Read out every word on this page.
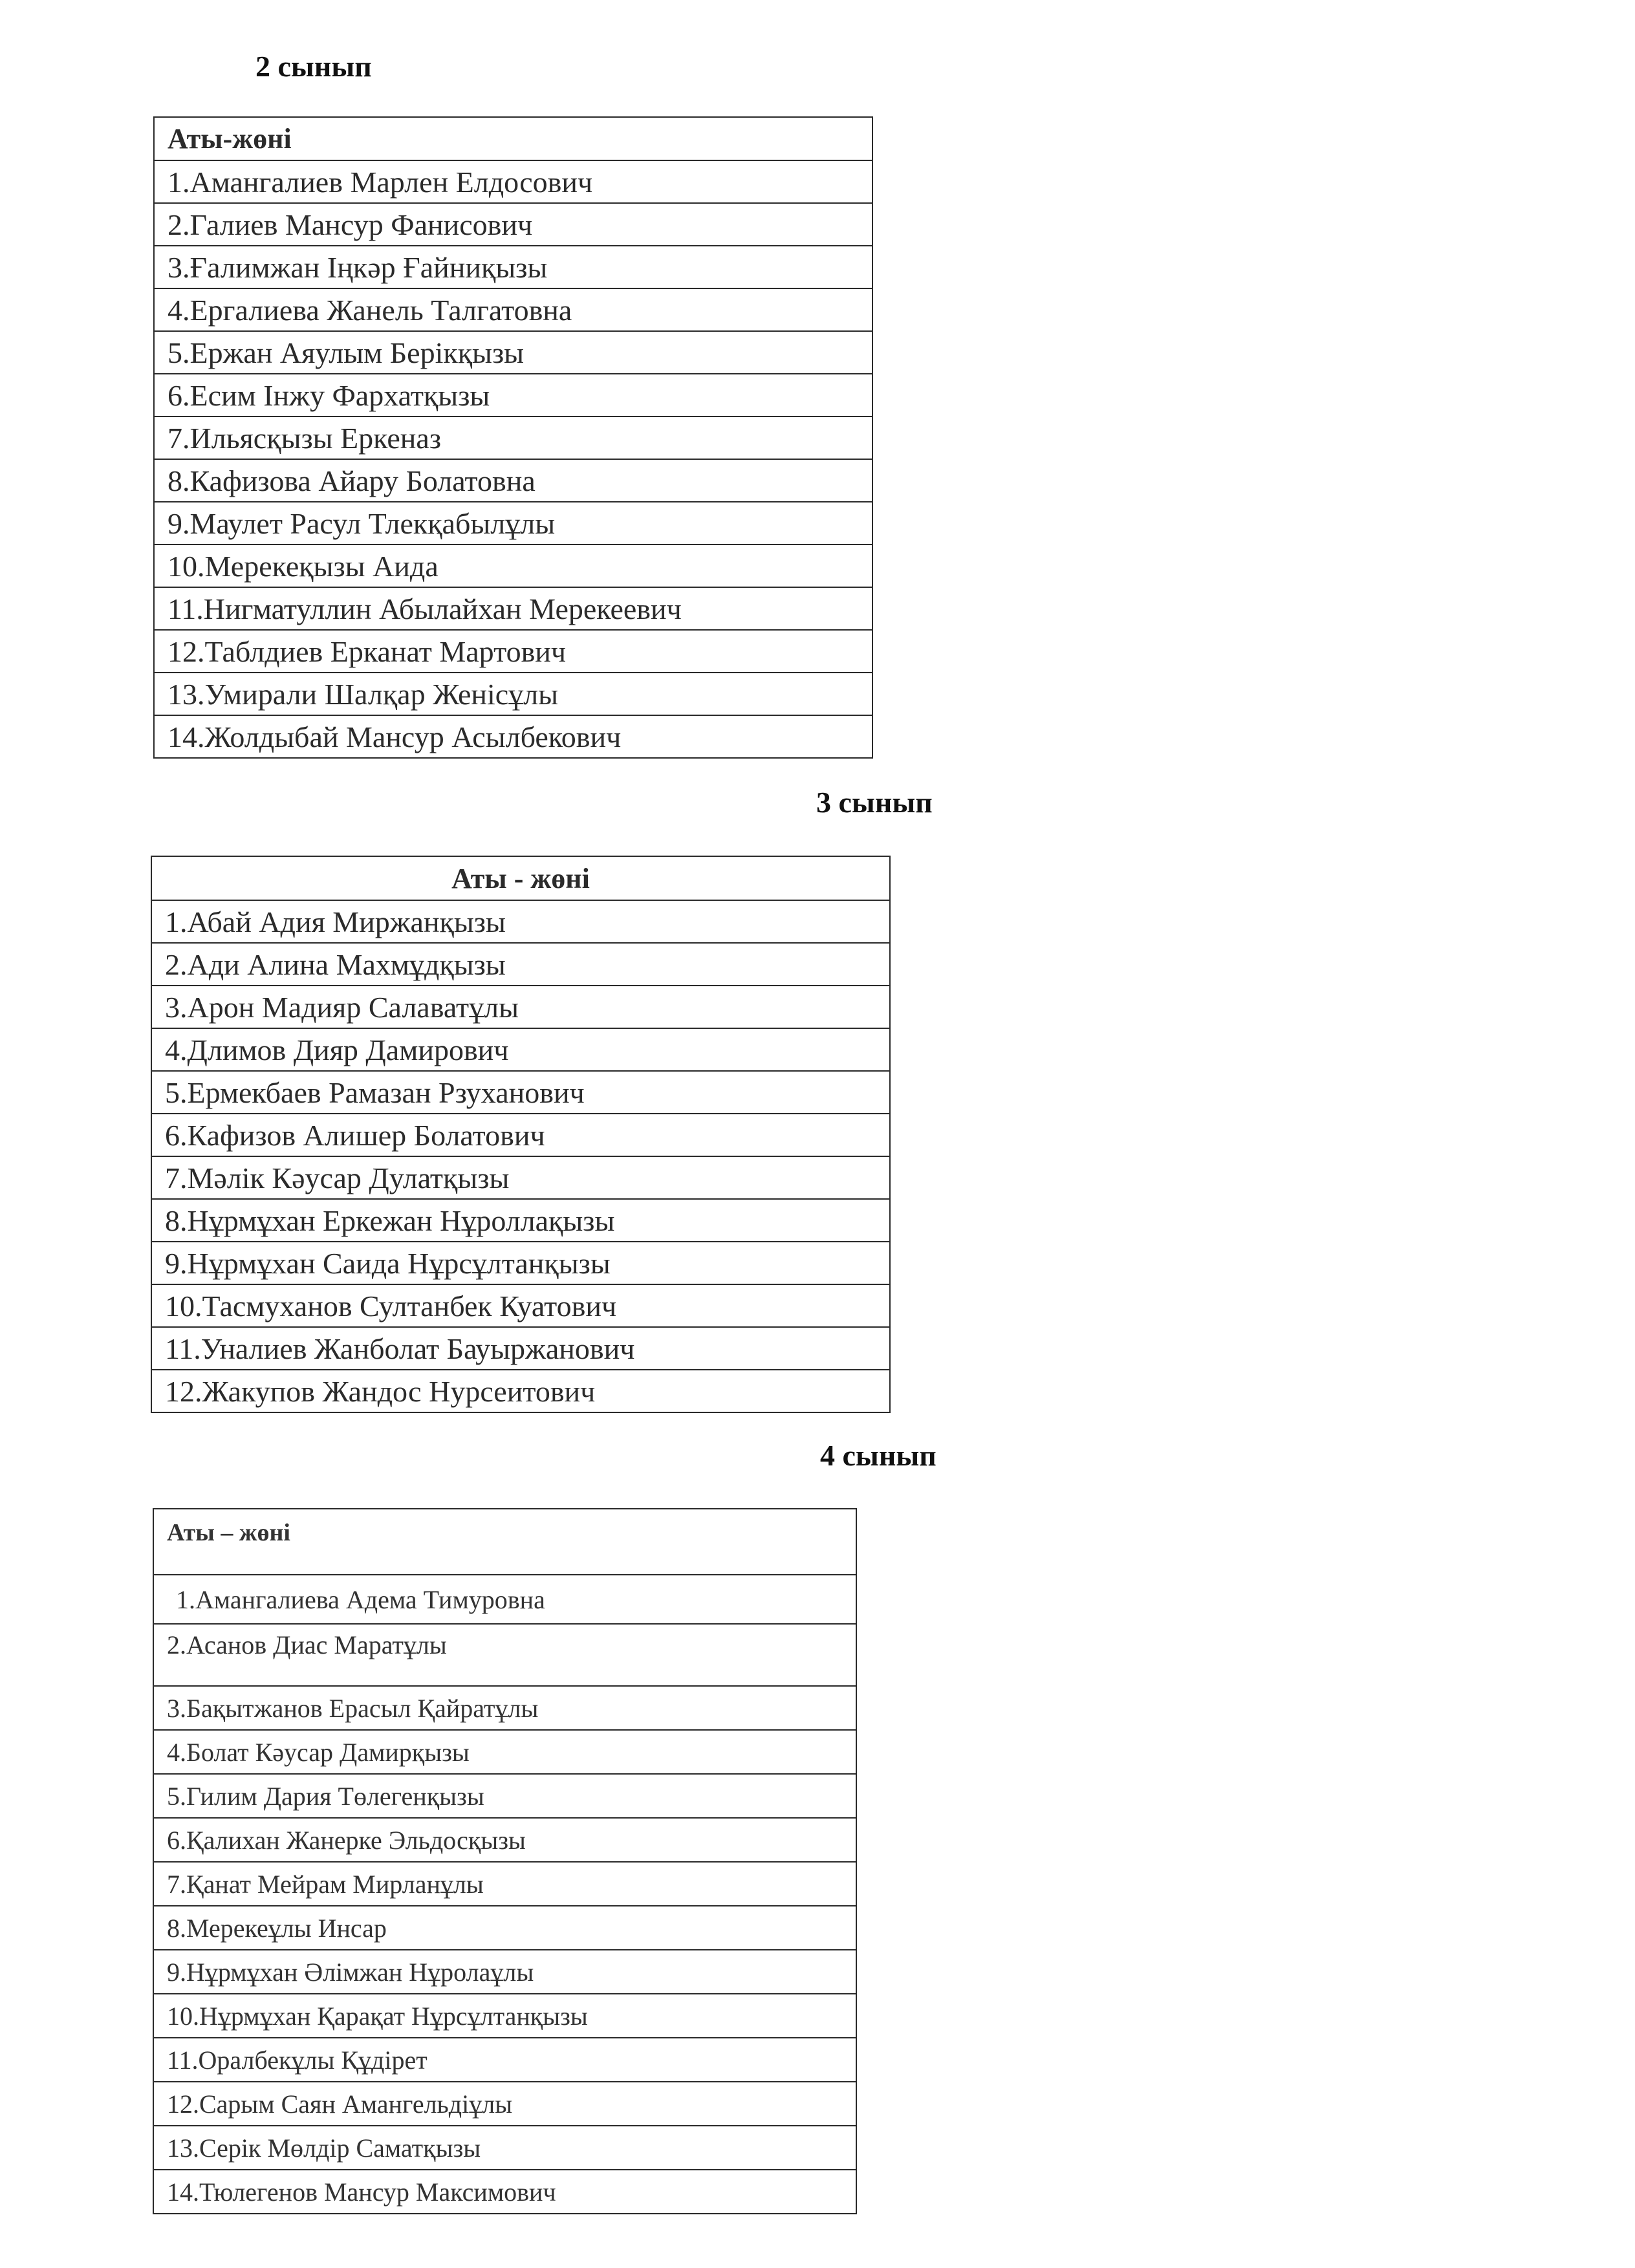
2 сынып
Аты-жөні
1.Амангалиев Марлен Елдосович
2.Галиев Мансур Фанисович
3.Ғалимжан Іңкәр Ғайниқызы
4.Ергалиева Жанель Талгатовна
5.Ержан Аяулым Берікқызы
6.Есим Інжу Фархатқызы
7.Ильясқызы Еркеназ
8.Кафизова Айару Болатовна
9.Маулет Расул Тлекқабылұлы
10.Мерекеқызы Аида
11.Нигматуллин Абылайхан Мерекеевич
12.Таблдиев Ерканат Мартович
13.Умирали Шалқар Женісұлы
14.Жолдыбай Мансур Асылбекович
3 сынып
Аты - жөні
1.Абай Адия Миржанқызы
2.Ади Алина Махмұдқызы
3.Арон Мадияр Салаватұлы
4.Длимов Дияр Дамирович
5.Ермекбаев Рамазан Рзуханович
6.Кафизов Алишер Болатович
7.Мәлік Кәусар Дулатқызы
8.Нұрмұхан Еркежан Нұроллақызы
9.Нұрмұхан Саида Нұрсұлтанқызы
10.Тасмуханов Султанбек Куатович
11.Уналиев Жанболат Бауыржанович
12.Жакупов Жандос Нурсеитович
4 сынып
Аты – жөні
1.Амангалиева Адема Тимуровна
2.Асанов Диас Маратұлы
3.Бақытжанов Ерасыл Қайратұлы
4.Болат Кәусар Дамирқызы
5.Гилим Дария Төлегенқызы
6.Қалихан Жанерке Эльдосқызы
7.Қанат Мейрам Мирланұлы
8.Мерекеұлы Инсар
9.Нұрмұхан Әлімжан Нұролаұлы
10.Нұрмұхан Қарақат Нұрсұлтанқызы
11.Оралбекұлы Құдірет
12.Сарым Саян Амангельдіұлы
13.Серік Мөлдір Саматқызы
14.Тюлегенов Мансур Максимович
